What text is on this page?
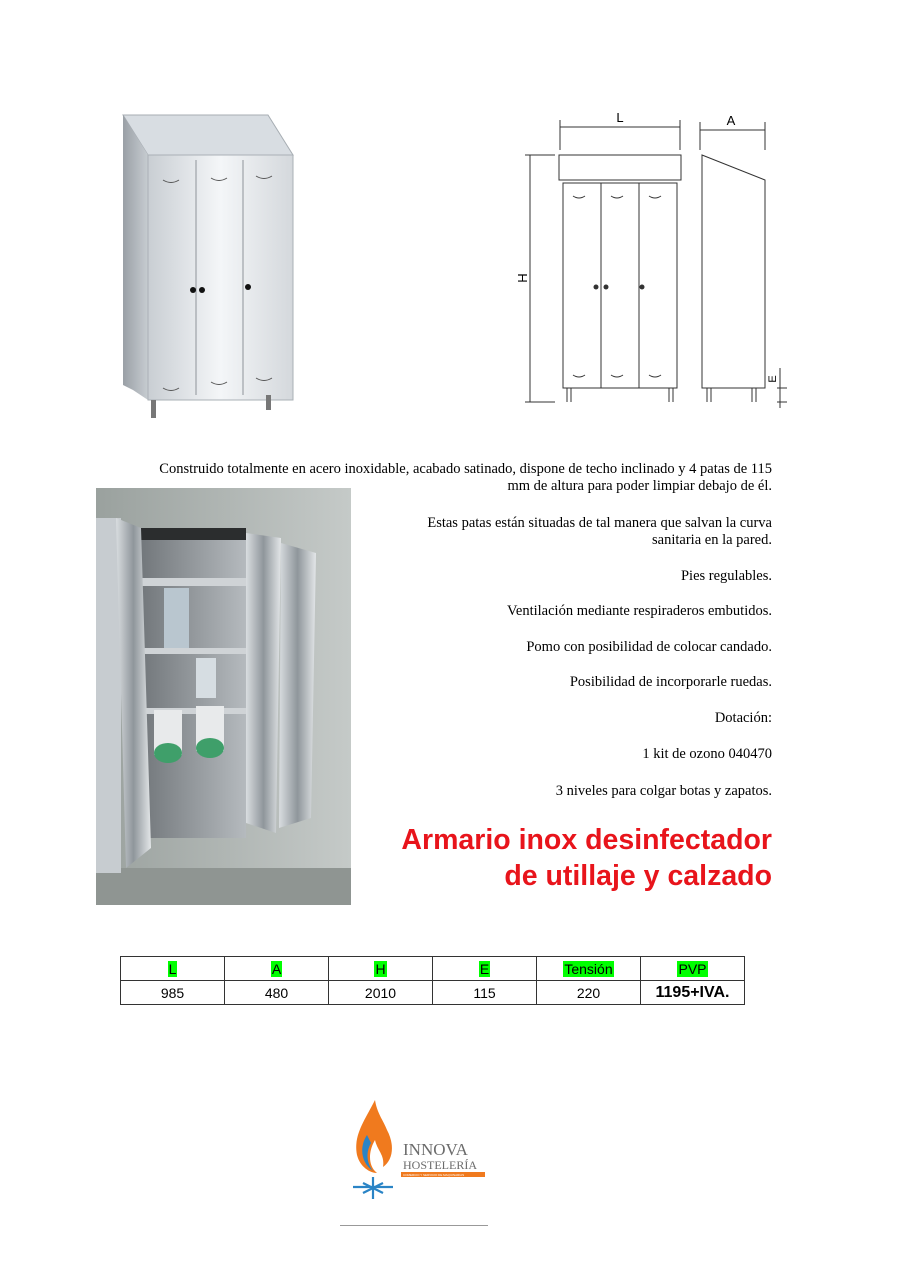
L	A
H
E
Construido totalmente en acero inoxidable, acabado satinado, dispone de techo inclinado y 4 patas de 115
mm de altura para poder limpiar debajo de él.
Estas patas están situadas de tal manera que salvan la curva
sanitaria en la pared.
Pies regulables.
Ventilación mediante respiraderos embutidos.
Pomo con posibilidad de colocar candado.
Posibilidad de incorporarle ruedas.
Dotación:
1 kit de ozono 040470
3 niveles para colgar botas y zapatos.
Armario inox desinfectador
de utillaje y calzado
L	A	H	E	Tensión	PVP
985	480	2010	115	220	1195+IVA.
INNOVA
HOSTELERÍA
COMERCIO Y SERVICIO DE MAQUINARIAS
